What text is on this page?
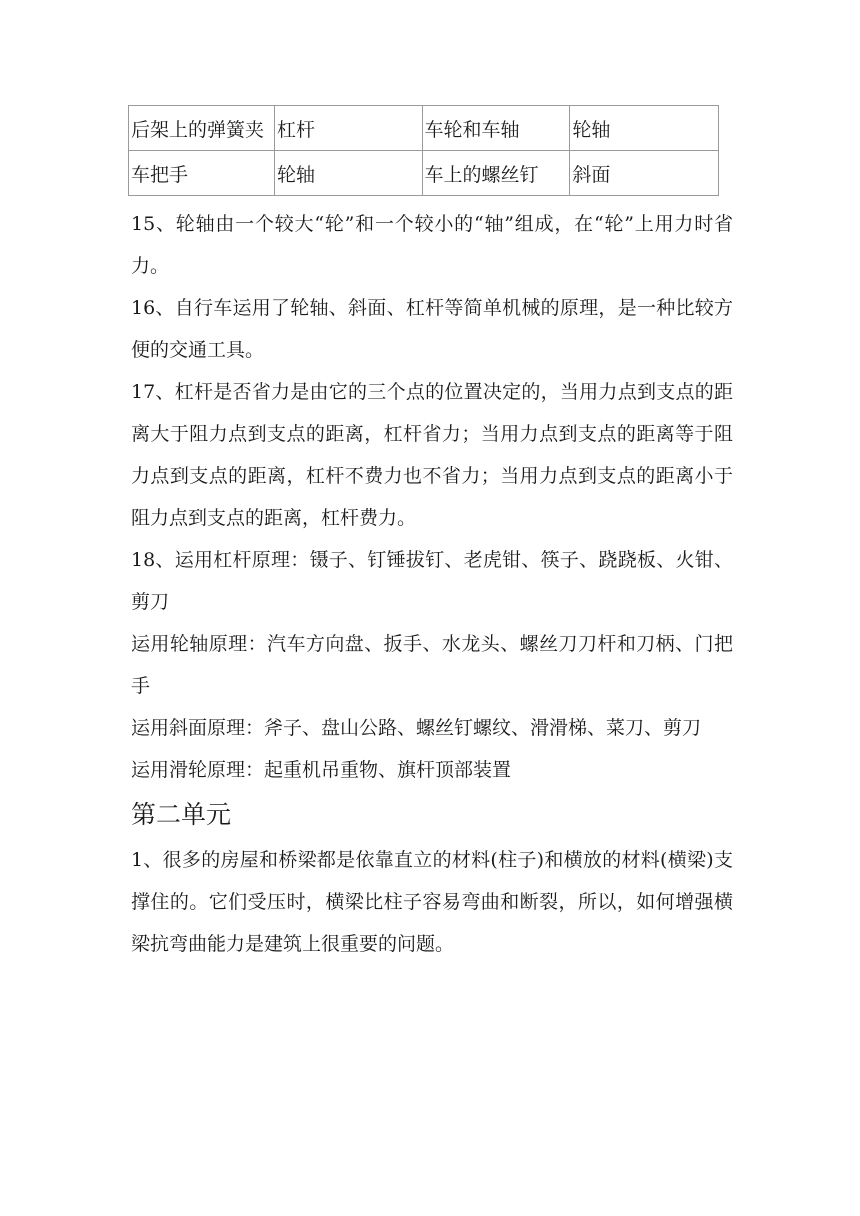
后架上的弹簧夹	杠杆	车轮和车轴	轮轴
车把手	轮轴	车上的螺丝钉	斜面

15、轮轴由一个较大“轮”和一个较小的“轴”组成，在“轮”上用力时省力。

16、自行车运用了轮轴、斜面、杠杆等简单机械的原理，是一种比较方便的交通工具。

17、杠杆是否省力是由它的三个点的位置决定的，当用力点到支点的距离大于阻力点到支点的距离，杠杆省力；当用力点到支点的距离等于阻力点到支点的距离，杠杆不费力也不省力；当用力点到支点的距离小于阻力点到支点的距离，杠杆费力。

18、运用杠杆原理：镊子、钉锤拔钉、老虎钳、筷子、跷跷板、火钳、剪刀

运用轮轴原理：汽车方向盘、扳手、水龙头、螺丝刀刀杆和刀柄、门把手

运用斜面原理：斧子、盘山公路、螺丝钉螺纹、滑滑梯、菜刀、剪刀

运用滑轮原理：起重机吊重物、旗杆顶部装置

第二单元

1、很多的房屋和桥梁都是依靠直立的材料(柱子)和横放的材料(横梁)支撑住的。它们受压时，横梁比柱子容易弯曲和断裂，所以，如何增强横梁抗弯曲能力是建筑上很重要的问题。
